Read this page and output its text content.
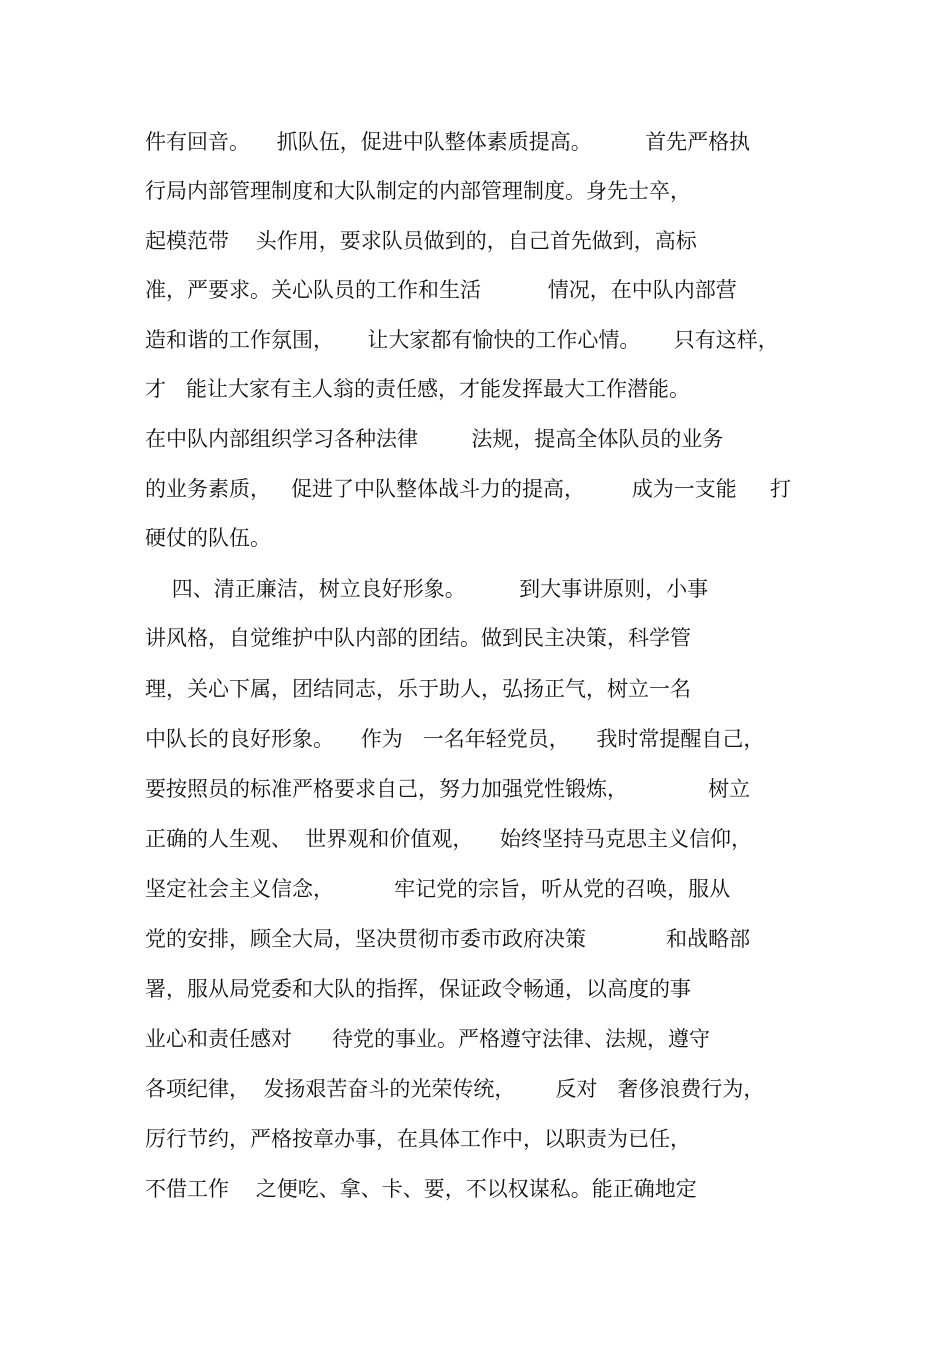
件有回音。    抓队伍，促进中队整体素质提高。        首先严格执

行局内部管理制度和大队制定的内部管理制度。身先士卒，

起模范带    头作用，要求队员做到的，自己首先做到，高标

准，严要求。关心队员的工作和生活          情况，在中队内部营

造和谐的工作氛围，     让大家都有愉快的工作心情。     只有这样，

才   能让大家有主人翁的责任感，才能发挥最大工作潜能。

在中队内部组织学习各种法律        法规，提高全体队员的业务

的业务素质，   促进了中队整体战斗力的提高，       成为一支能     打

硬仗的队伍。

四、清正廉洁，树立良好形象。        到大事讲原则，小事

讲风格，自觉维护中队内部的团结。做到民主决策，科学管

理，关心下属，团结同志，乐于助人，弘扬正气，树立一名

中队长的良好形象。    作为   一名年轻党员，    我时常提醒自己，

要按照员的标准严格要求自己，努力加强党性锻炼，            树立

正确的人生观、  世界观和价值观，    始终坚持马克思主义信仰，

坚定社会主义信念，         牢记党的宗旨，听从党的召唤，服从

党的安排，顾全大局，坚决贯彻市委市政府决策            和战略部

署，服从局党委和大队的指挥，保证政令畅通，以高度的事

业心和责任感对      待党的事业。严格遵守法律、法规，遵守

各项纪律，  发扬艰苦奋斗的光荣传统，      反对   奢侈浪费行为，

厉行节约，严格按章办事，在具体工作中，以职责为已任，

不借工作    之便吃、拿、卡、要，不以权谋私。能正确地定
